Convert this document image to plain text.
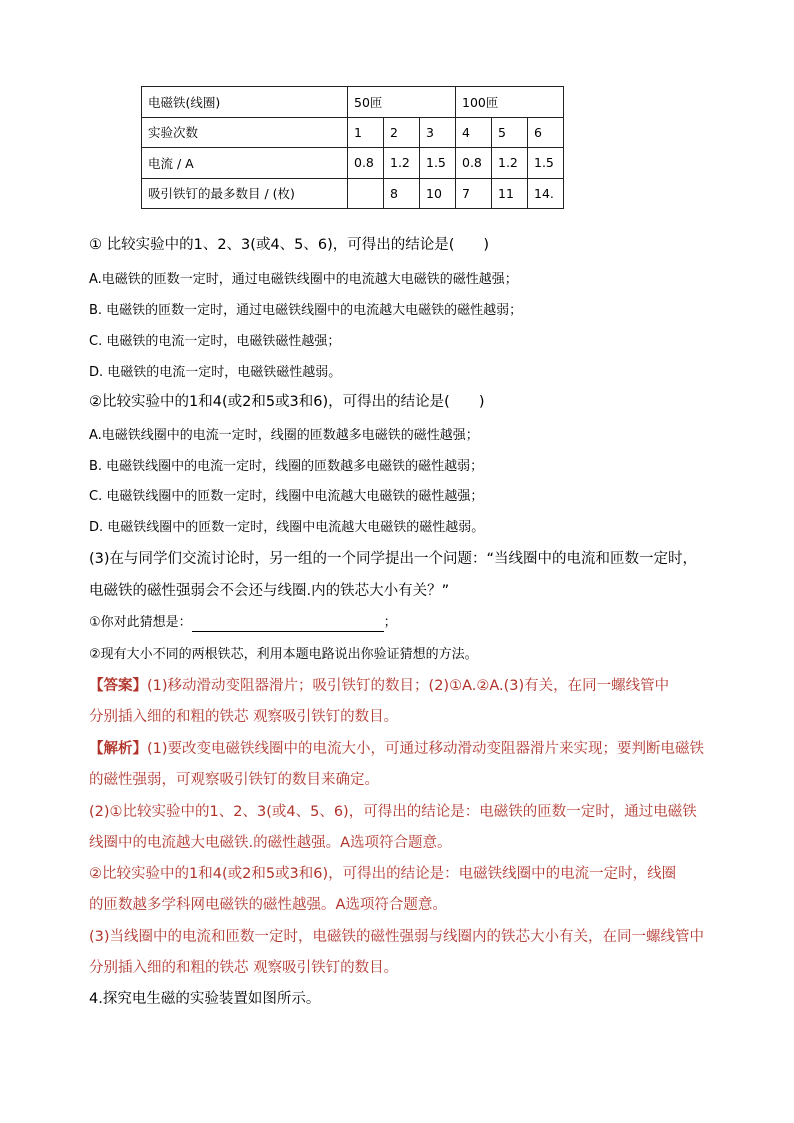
电磁铁(线圈)	50匝			100匝		
实验次数	1	2	3	4	5	6
电流 / A	0.8	1.2	1.5	0.8	1.2	1.5
吸引铁钉的最多数目 / (枚)		8	10	7	11	14.
① 比较实验中的1、2、3(或4、5、6)，可得出的结论是(　　)
A.电磁铁的匝数一定时，通过电磁铁线圈中的电流越大电磁铁的磁性越强；
B. 电磁铁的匝数一定时，通过电磁铁线圈中的电流越大电磁铁的磁性越弱；
C. 电磁铁的电流一定时，电磁铁磁性越强；
D. 电磁铁的电流一定时，电磁铁磁性越弱。
②比较实验中的1和4(或2和5或3和6)，可得出的结论是(　　)
A.电磁铁线圈中的电流一定时，线圈的匝数越多电磁铁的磁性越强；
B. 电磁铁线圈中的电流一定时，线圈的匝数越多电磁铁的磁性越弱；
C. 电磁铁线圈中的匝数一定时，线圈中电流越大电磁铁的磁性越强；
D. 电磁铁线圈中的匝数一定时，线圈中电流越大电磁铁的磁性越弱。
(3)在与同学们交流讨论时，另一组的一个同学提出一个问题：“当线圈中的电流和匝数一定时，
电磁铁的磁性强弱会不会还与线圈.内的铁芯大小有关？”
①你对此猜想是：	；
②现有大小不同的两根铁芯，利用本题电路说出你验证猜想的方法。
【答案】(1)移动滑动变阻器滑片；吸引铁钉的数目；(2)①A.②A.(3)有关，在同一螺线管中
分别插入细的和粗的铁芯 观察吸引铁钉的数目。
【解析】(1)要改变电磁铁线圈中的电流大小，可通过移动滑动变阻器滑片来实现；要判断电磁铁
的磁性强弱，可观察吸引铁钉的数目来确定。
(2)①比较实验中的1、2、3(或4、5、6)，可得出的结论是：电磁铁的匝数一定时，通过电磁铁
线圈中的电流越大电磁铁.的磁性越强。A选项符合题意。
②比较实验中的1和4(或2和5或3和6)，可得出的结论是：电磁铁线圈中的电流一定时，线圈
的匝数越多学科网电磁铁的磁性越强。A选项符合题意。
(3)当线圈中的电流和匝数一定时，电磁铁的磁性强弱与线圈内的铁芯大小有关，在同一螺线管中
分别插入细的和粗的铁芯 观察吸引铁钉的数目。
4.探究电生磁的实验装置如图所示。
